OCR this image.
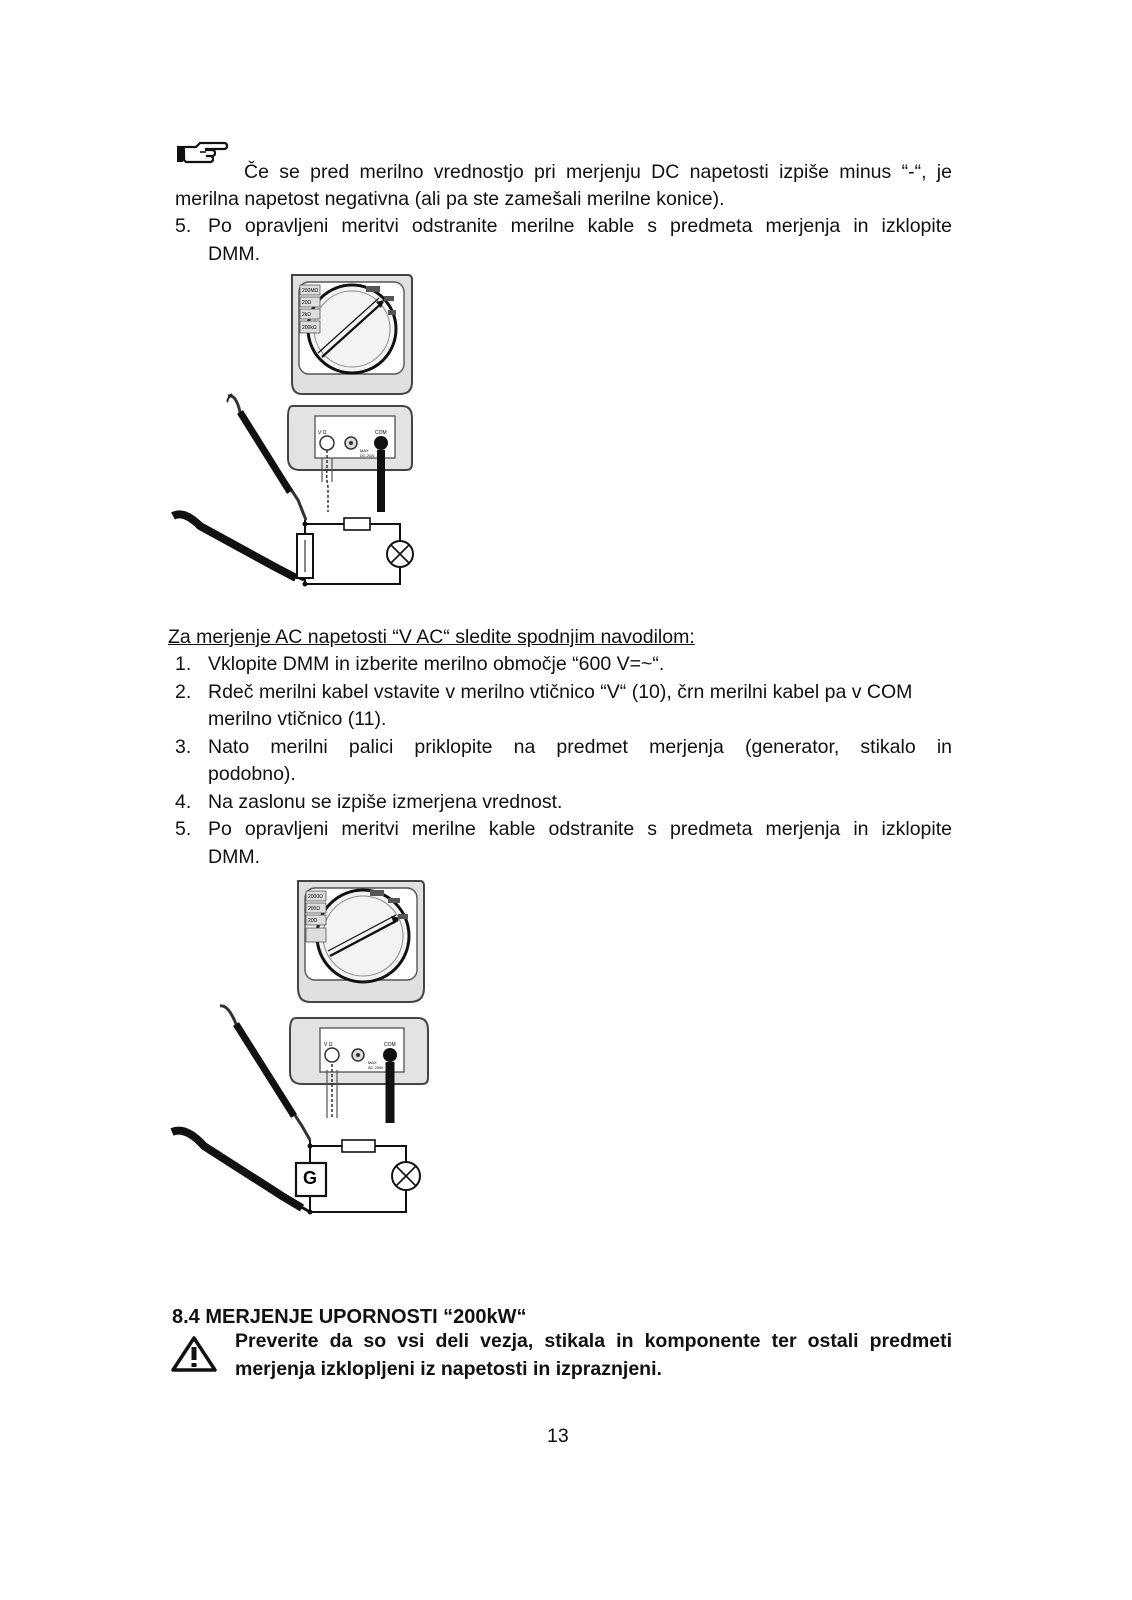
Če se pred merilno vrednostjo pri merjenju DC napetosti izpiše minus “-“, je
merilna napetost negativna (ali pa ste zamešali merilne konice).
5. Po opravljeni meritvi odstranite merilne kable s predmeta merjenja in izklopite
DMM.
200MΩ
20Ω
2kΩ
200kΩ
V Ω	COM
MAX
DC 20A
Za merjenje AC napetosti “V AC“ sledite spodnjim navodilom:
1. Vklopite DMM in izberite merilno območje “600 V=~“.
2. Rdeč merilni kabel vstavite v merilno vtičnico “V“ (10), črn merilni kabel pa v COM
merilno vtičnico (11).
3. Nato merilni palici priklopite na predmet merjenja (generator, stikalo in
podobno).
4. Na zaslonu se izpiše izmerjena vrednost.
5. Po opravljeni meritvi merilne kable odstranite s predmeta merjenja in izklopite
DMM.
2000Ω
200Ω
20Ω
V Ω	COM
MAX
AC 20W
G
8.4 MERJENJE UPORNOSTI “200kW“
Preverite da so vsi deli vezja, stikala in komponente ter ostali predmeti
merjenja izklopljeni iz napetosti in izpraznjeni.
13
